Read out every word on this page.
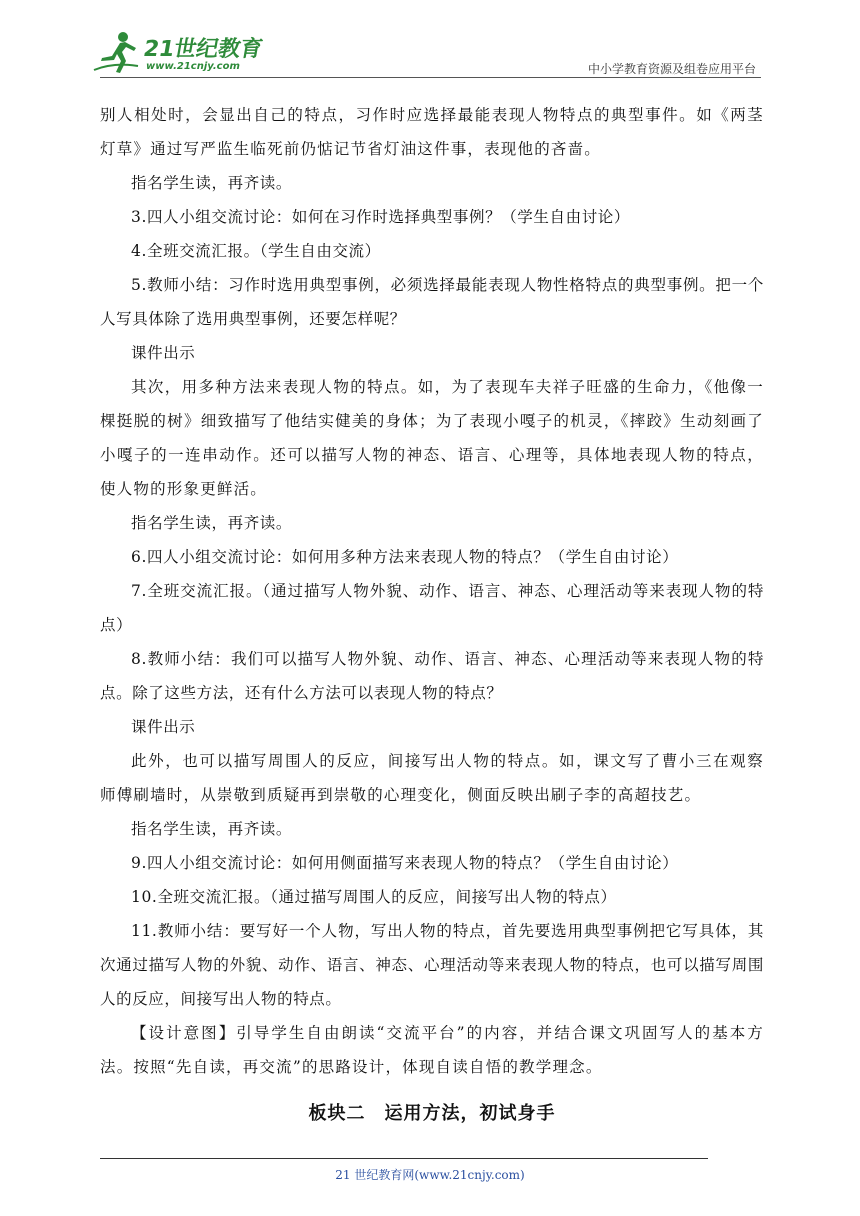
21世纪教育
www.21cnjy.com	中小学教育资源及组卷应用平台

别人相处时，会显出自己的特点，习作时应选择最能表现人物特点的典型事件。如《两茎灯草》通过写严监生临死前仍惦记节省灯油这件事，表现他的吝啬。

指名学生读，再齐读。

3.四人小组交流讨论：如何在习作时选择典型事例？（学生自由讨论）

4.全班交流汇报。（学生自由交流）

5.教师小结：习作时选用典型事例，必须选择最能表现人物性格特点的典型事例。把一个人写具体除了选用典型事例，还要怎样呢？

课件出示

其次，用多种方法来表现人物的特点。如，为了表现车夫祥子旺盛的生命力，《他像一棵挺脱的树》细致描写了他结实健美的身体；为了表现小嘎子的机灵，《摔跤》生动刻画了小嘎子的一连串动作。还可以描写人物的神态、语言、心理等，具体地表现人物的特点，使人物的形象更鲜活。

指名学生读，再齐读。

6.四人小组交流讨论：如何用多种方法来表现人物的特点？（学生自由讨论）

7.全班交流汇报。（通过描写人物外貌、动作、语言、神态、心理活动等来表现人物的特点）

8.教师小结：我们可以描写人物外貌、动作、语言、神态、心理活动等来表现人物的特点。除了这些方法，还有什么方法可以表现人物的特点？

课件出示

此外，也可以描写周围人的反应，间接写出人物的特点。如，课文写了曹小三在观察师傅刷墙时，从崇敬到质疑再到崇敬的心理变化，侧面反映出刷子李的高超技艺。

指名学生读，再齐读。

9.四人小组交流讨论：如何用侧面描写来表现人物的特点？（学生自由讨论）

10.全班交流汇报。（通过描写周围人的反应，间接写出人物的特点）

11.教师小结：要写好一个人物，写出人物的特点，首先要选用典型事例把它写具体，其次通过描写人物的外貌、动作、语言、神态、心理活动等来表现人物的特点，也可以描写周围人的反应，间接写出人物的特点。

【设计意图】引导学生自由朗读“交流平台”的内容，并结合课文巩固写人的基本方法。按照“先自读，再交流”的思路设计，体现自读自悟的教学理念。

板块二　运用方法，初试身手
21 世纪教育网(www.21cnjy.com)
